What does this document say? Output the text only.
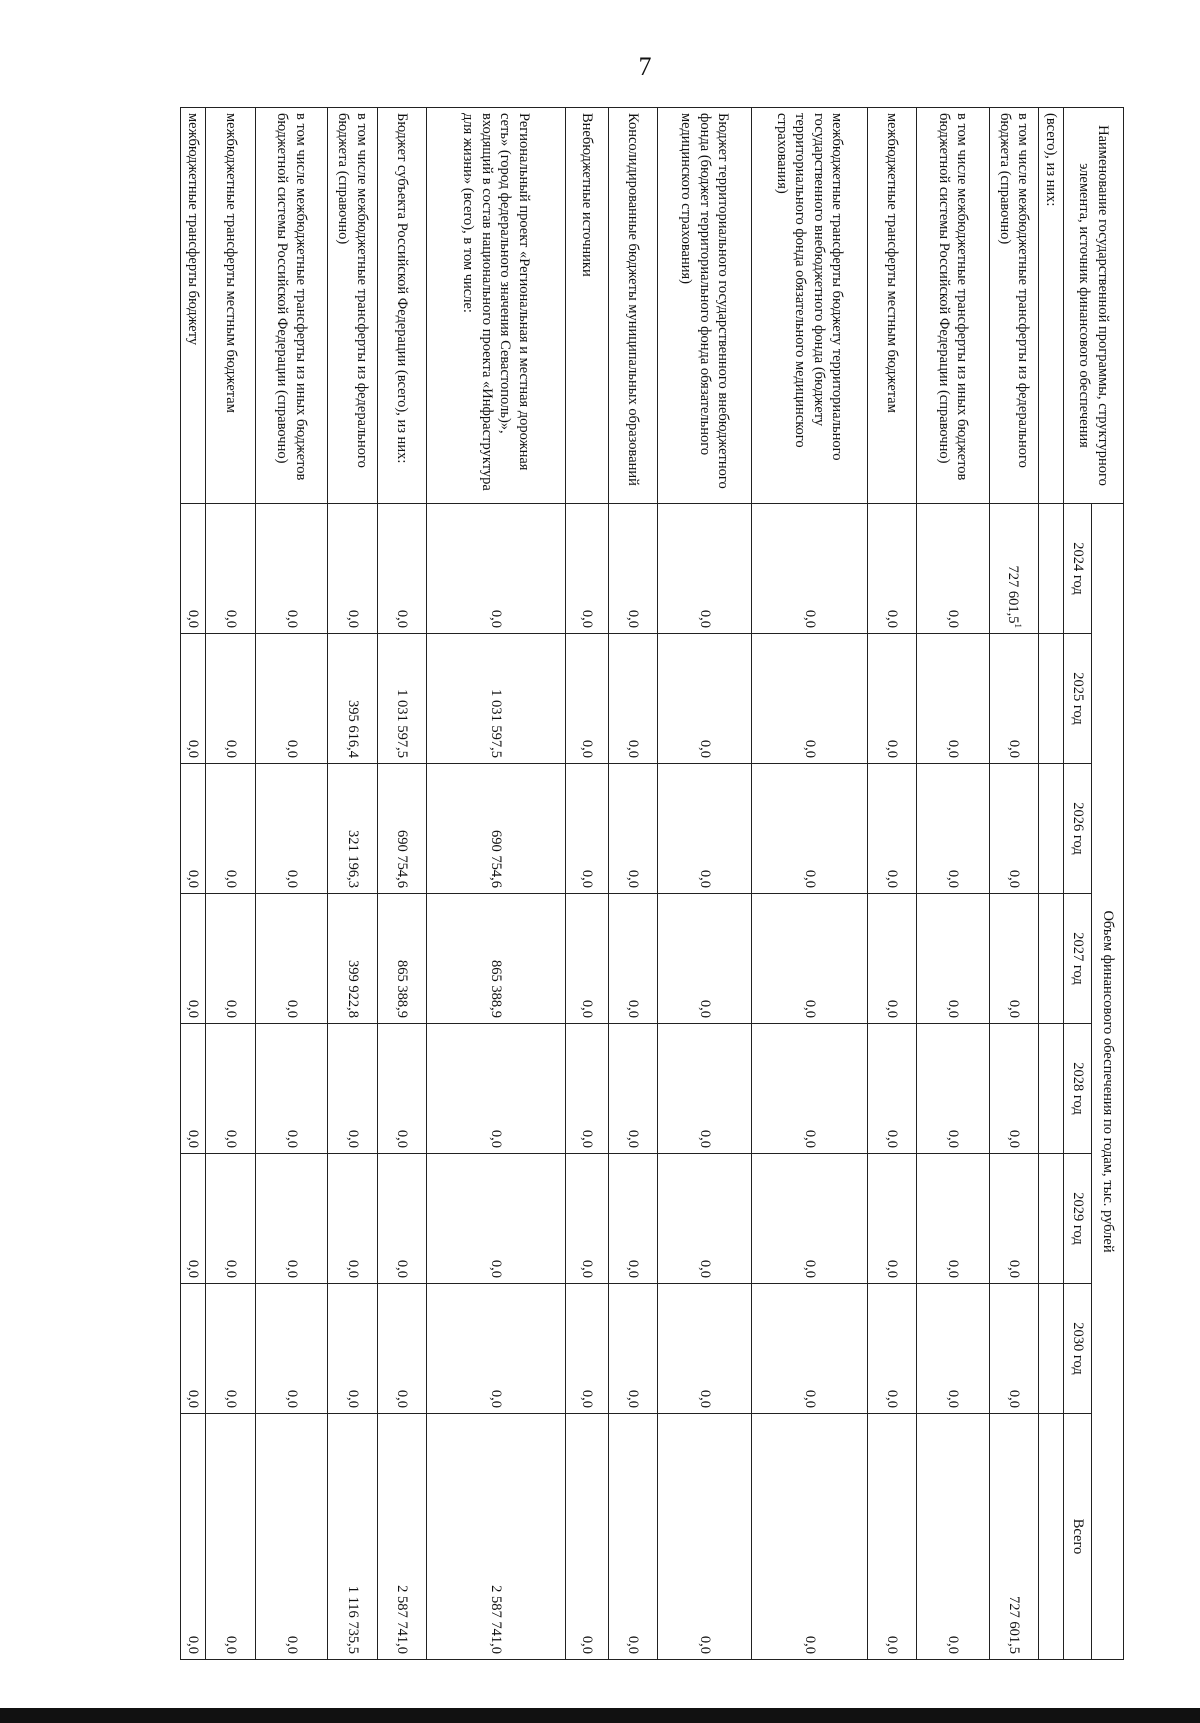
7
Наименование государственной программы, структурного элемента, источник финансового обеспечения	Объем финансового обеспечения по годам, тыс. рублей							
	2024 год	2025 год	2026 год	2027 год	2028 год	2029 год	2030 год	Всего
(всего), из них:								
в том числе межбюджетные трансферты из федерального бюджета (справочно)	727 601,5$^1$	0,0	0,0	0,0	0,0	0,0	0,0	727 601,5
в том числе межбюджетные трансферты из иных бюджетов бюджетной системы Российской Федерации (справочно)	0,0	0,0	0,0	0,0	0,0	0,0	0,0	0,0
межбюджетные трансферты местным бюджетам	0,0	0,0	0,0	0,0	0,0	0,0	0,0	0,0
межбюджетные трансферты бюджету территориального государственного внебюджетного фонда (бюджету территориального фонда обязательного медицинского страхования)	0,0	0,0	0,0	0,0	0,0	0,0	0,0	0,0
Бюджет территориального государственного внебюджетного фонда (бюджет территориального фонда обязательного медицинского страхования)	0,0	0,0	0,0	0,0	0,0	0,0	0,0	0,0
Консолидированные бюджеты муниципальных образований	0,0	0,0	0,0	0,0	0,0	0,0	0,0	0,0
Внебюджетные источники	0,0	0,0	0,0	0,0	0,0	0,0	0,0	0,0
Региональный проект «Региональная и местная дорожная сеть» (город федерального значения Севастополь)», входящий в состав национального проекта «Инфраструктура для жизни» (всего), в том числе:	0,0	1 031 597,5	690 754,6	865 388,9	0,0	0,0	0,0	2 587 741,0
Бюджет субъекта Российской Федерации (всего), из них:	0,0	1 031 597,5	690 754,6	865 388,9	0,0	0,0	0,0	2 587 741,0
в том числе межбюджетные трансферты из федерального бюджета (справочно)	0,0	395 616,4	321 196,3	399 922,8	0,0	0,0	0,0	1 116 735,5
в том числе межбюджетные трансферты из иных бюджетов бюджетной системы Российской Федерации (справочно)	0,0	0,0	0,0	0,0	0,0	0,0	0,0	0,0
межбюджетные трансферты местным бюджетам	0,0	0,0	0,0	0,0	0,0	0,0	0,0	0,0
межбюджетные трансферты бюджету	0,0	0,0	0,0	0,0	0,0	0,0	0,0	0,0
